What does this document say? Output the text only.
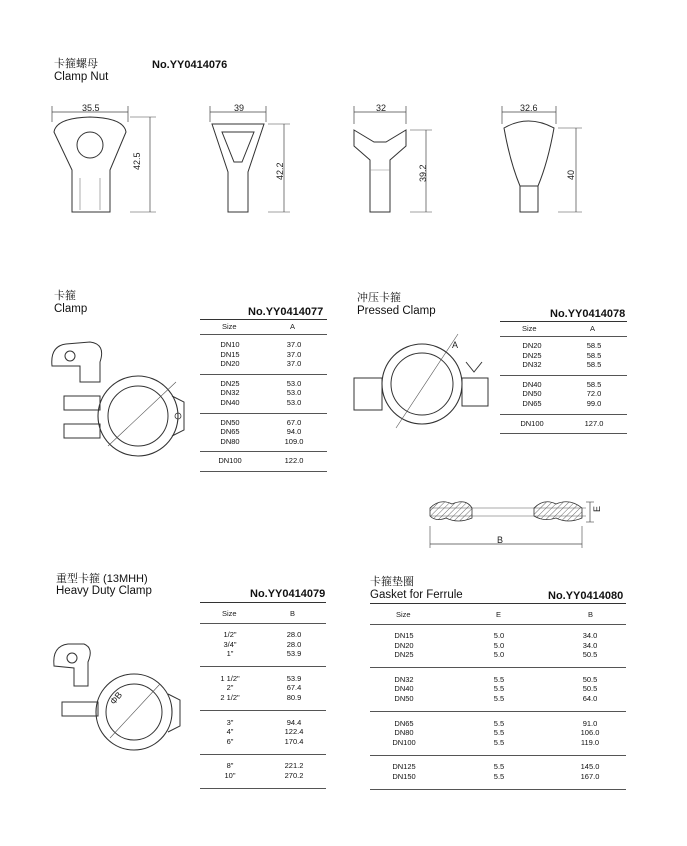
卡箍螺母
Clamp Nut
No.YY0414076
35.5
42.5
39
42.2
32
39.2
32.6
40
卡箍
Clamp	No.YY0414077
Size	A
DN10	37.0
DN15	37.0
DN20	37.0
DN25	53.0
DN32	53.0
DN40	53.0
DN50	67.0
DN65	94.0
DN80	109.0
DN100	122.0
冲压卡箍
Pressed Clamp
A
No.YY0414078
Size	A
DN20	58.5
DN25	58.5
DN32	58.5
DN40	58.5
DN50	72.0
DN65	99.0
DN100	127.0
B
E
重型卡箍 (13MHH)
Heavy Duty Clamp
ΦB
No.YY0414079
Size	B
1/2"	28.0
3/4"	28.0
1"	53.9
1 1/2"	53.9
2"	67.4
2 1/2"	80.9
3"	94.4
4"	122.4
6"	170.4
8"	221.2
10"	270.2
卡箍垫圈
Gasket for Ferrule	No.YY0414080
Size	E	B
DN15	5.0	34.0
DN20	5.0	34.0
DN25	5.0	50.5
DN32	5.5	50.5
DN40	5.5	50.5
DN50	5.5	64.0
DN65	5.5	91.0
DN80	5.5	106.0
DN100	5.5	119.0
DN125	5.5	145.0
DN150	5.5	167.0
